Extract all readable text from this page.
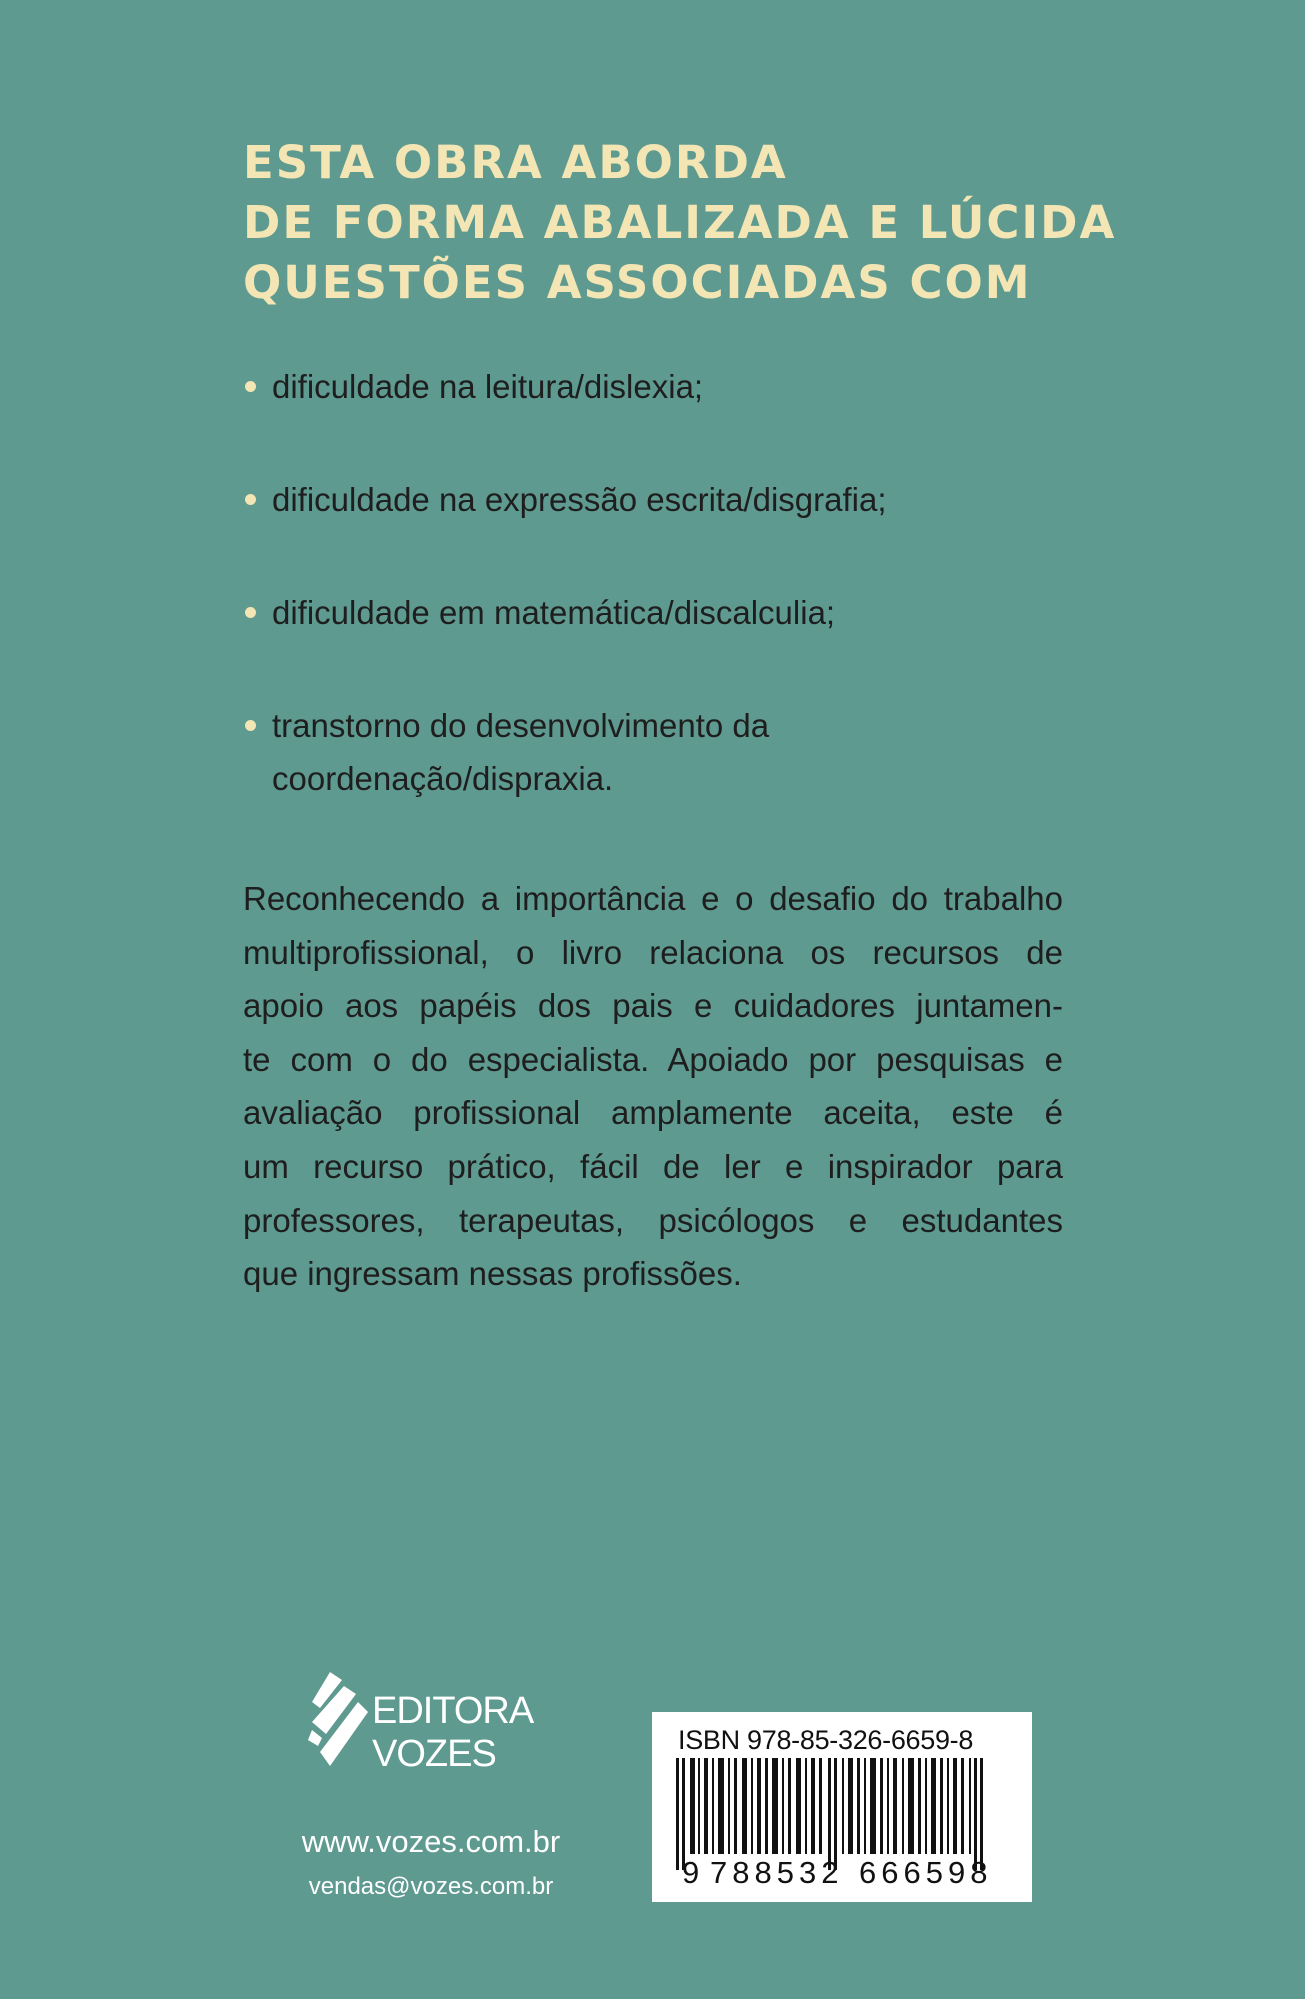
ESTA OBRA ABORDA
DE FORMA ABALIZADA E LÚCIDA
QUESTÕES ASSOCIADAS COM
dificuldade na leitura/dislexia;
dificuldade na expressão escrita/disgrafia;
dificuldade em matemática/discalculia;
transtorno do desenvolvimento da
coordenação/dispraxia.
Reconhecendo a importância e o desafio do trabalho
multiprofissional, o livro relaciona os recursos de
apoio aos papéis dos pais e cuidadores juntamen-
te com o do especialista. Apoiado por pesquisas e
avaliação profissional amplamente aceita, este é
um recurso prático, fácil de ler e inspirador para
professores, terapeutas, psicólogos e estudantes
que ingressam nessas profissões.
EDITORA
VOZES
www.vozes.com.br
vendas@vozes.com.br
ISBN 978-85-326-6659-8
9 788532 666598
